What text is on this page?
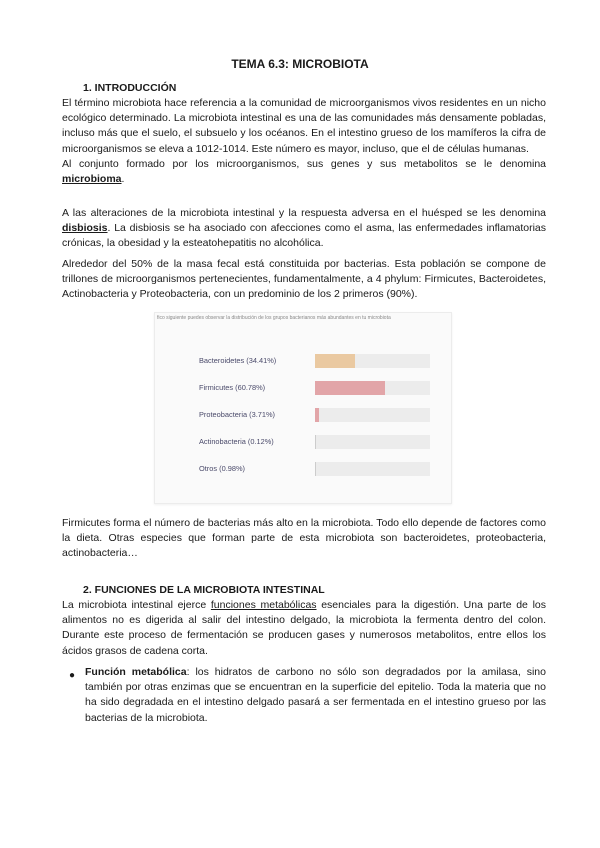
TEMA 6.3: MICROBIOTA
1. INTRODUCCIÓN

El término microbiota hace referencia a la comunidad de microorganismos vivos residentes en un nicho ecológico determinado. La microbiota intestinal es una de las comunidades más densamente pobladas, incluso más que el suelo, el subsuelo y los océanos. En el intestino grueso de los mamíferos la cifra de microorganismos se eleva a 1012-1014. Este número es mayor, incluso, que el de células humanas.
Al conjunto formado por los microorganismos, sus genes y sus metabolitos se le denomina microbioma.

A las alteraciones de la microbiota intestinal y la respuesta adversa en el huésped se les denomina disbiosis. La disbiosis se ha asociado con afecciones como el asma, las enfermedades inflamatorias crónicas, la obesidad y la esteatohepatitis no alcohólica.

Alrededor del 50% de la masa fecal está constituida por bacterias. Esta población se compone de trillones de microorganismos pertenecientes, fundamentalmente, a 4 phylum: Firmicutes, Bacteroidetes, Actinobacteria y Proteobacteria, con un predominio de los 2 primeros (90%).

fico siguiente puedes observar la distribución de los grupos bacterianos más abundantes en tu microbiota
Bacteroidetes (34.41%)
Firmicutes (60.78%)
Proteobacteria (3.71%)
Actinobacteria (0.12%)
Otros (0.98%)

Firmicutes forma el número de bacterias más alto en la microbiota. Todo ello depende de factores como la dieta. Otras especies que forman parte de esta microbiota son bacteroidetes, proteobacteria, actinobacteria…

2. FUNCIONES DE LA MICROBIOTA INTESTINAL

La microbiota intestinal ejerce funciones metabólicas esenciales para la digestión. Una parte de los alimentos no es digerida al salir del intestino delgado, la microbiota la fermenta dentro del colon. Durante este proceso de fermentación se producen gases y numerosos metabolitos, entre ellos los ácidos grasos de cadena corta.

● Función metabólica: los hidratos de carbono no sólo son degradados por la amilasa, sino también por otras enzimas que se encuentran en la superficie del epitelio. Toda la materia que no ha sido degradada en el intestino delgado pasará a ser fermentada en el intestino grueso por las bacterias de la microbiota.
